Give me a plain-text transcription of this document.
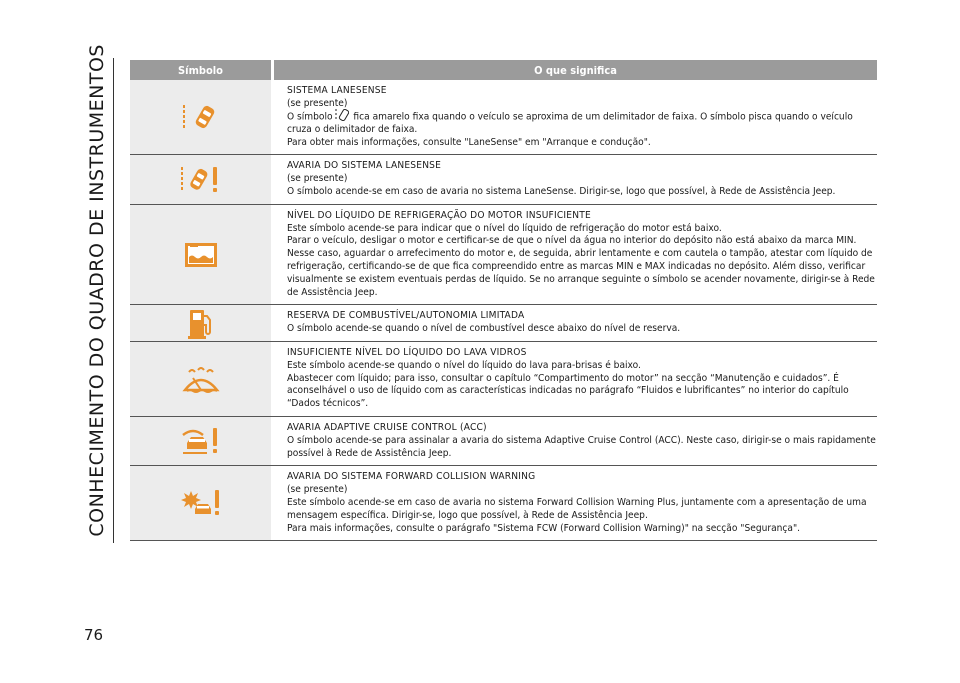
CONHECIMENTO DO QUADRO DE INSTRUMENTOS	Símbolo	O que significa

SISTEMA LANESENSE

(se presente)

O símbolo fica amarelo fixa quando o veículo se aproxima de um delimitador de faixa. O símbolo pisca quando o veículo cruza o delimitador de faixa.

Para obter mais informações, consulte "LaneSense" em "Arranque e condução".

AVARIA DO SISTEMA LANESENSE

(se presente)

O símbolo acende-se em caso de avaria no sistema LaneSense. Dirigir-se, logo que possível, à Rede de Assistência Jeep.

NÍVEL DO LÍQUIDO DE REFRIGERAÇÃO DO MOTOR INSUFICIENTE

Este símbolo acende-se para indicar que o nível do líquido de refrigeração do motor está baixo.

Parar o veículo, desligar o motor e certificar-se de que o nível da água no interior do depósito não está abaixo da marca MIN. Nesse caso, aguardar o arrefecimento do motor e, de seguida, abrir lentamente e com cautela o tampão, atestar com líquido de refrigeração, certificando-se de que fica compreendido entre as marcas MIN e MAX indicadas no depósito. Além disso, verificar visualmente se existem eventuais perdas de líquido. Se no arranque seguinte o símbolo se acender novamente, dirigir-se à Rede de Assistência Jeep.

RESERVA DE COMBUSTÍVEL/AUTONOMIA LIMITADA

O símbolo acende-se quando o nível de combustível desce abaixo do nível de reserva.

INSUFICIENTE NÍVEL DO LÍQUIDO DO LAVA VIDROS

Este símbolo acende-se quando o nível do líquido do lava para-brisas é baixo.

Abastecer com líquido; para isso, consultar o capítulo “Compartimento do motor” na secção “Manutenção e cuidados”. É aconselhável o uso de líquido com as características indicadas no parágrafo “Fluidos e lubrificantes” no interior do capítulo “Dados técnicos”.

AVARIA ADAPTIVE CRUISE CONTROL (ACC)

O símbolo acende-se para assinalar a avaria do sistema Adaptive Cruise Control (ACC). Neste caso, dirigir-se o mais rapidamente possível à Rede de Assistência Jeep.

AVARIA DO SISTEMA FORWARD COLLISION WARNING

(se presente)

Este símbolo acende-se em caso de avaria no sistema Forward Collision Warning Plus, juntamente com a apresentação de uma mensagem específica. Dirigir-se, logo que possível, à Rede de Assistência Jeep.

Para mais informações, consulte o parágrafo "Sistema FCW (Forward Collision Warning)" na secção "Segurança".

76
